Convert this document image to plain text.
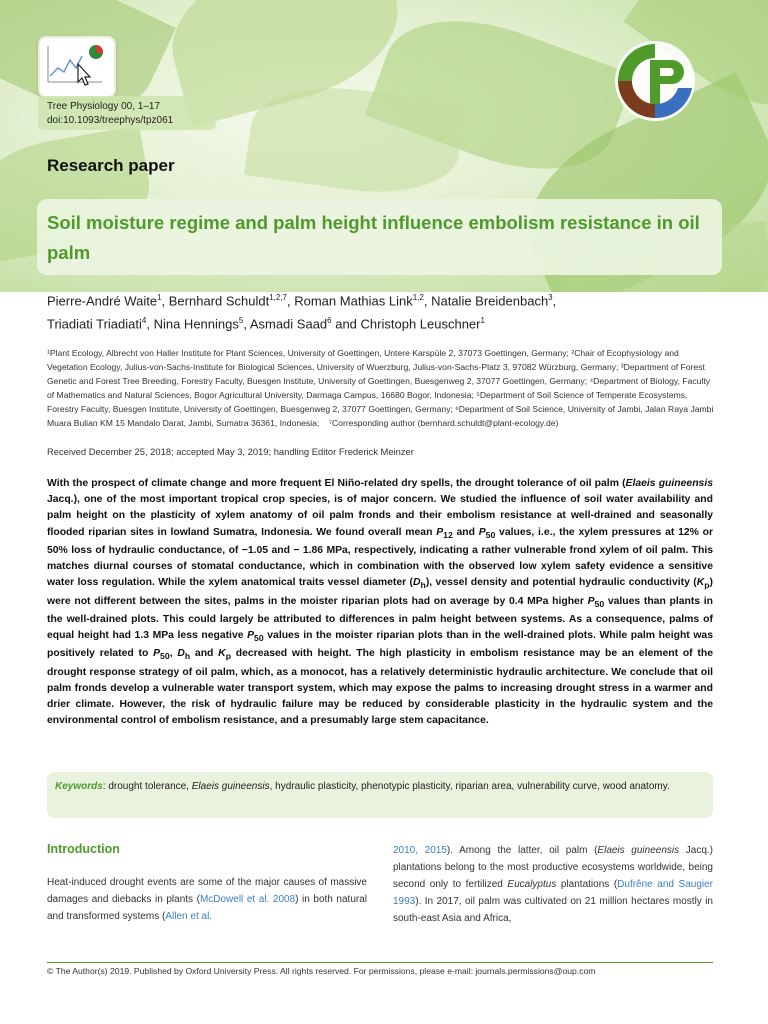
Tree Physiology 00, 1–17
doi:10.1093/treephys/tpz061
Research paper
Soil moisture regime and palm height influence embolism resistance in oil palm
Pierre-André Waite$^1$, Bernhard Schuldt$^{1,2,7}$, Roman Mathias Link$^{1,2}$, Natalie Breidenbach$^3$,
Triadiati Triadiati$^4$, Nina Hennings$^5$, Asmadi Saad$^6$ and Christoph Leuschner$^1$
¹Plant Ecology, Albrecht von Haller Institute for Plant Sciences, University of Goettingen, Untere Karspüle 2, 37073 Goettingen, Germany; ²Chair of Ecophysiology and Vegetation Ecology, Julius-von-Sachs-Institute for Biological Sciences, University of Wuerzburg, Julius-von-Sachs-Platz 3, 97082 Würzburg, Germany; ³Department of Forest Genetic and Forest Tree Breeding, Forestry Faculty, Buesgen Institute, University of Goettingen, Buesgenweg 2, 37077 Goettingen, Germany; ⁴Department of Biology, Faculty of Mathematics and Natural Sciences, Bogor Agricultural University, Darmaga Campus, 16680 Bogor, Indonesia; ⁵Department of Soil Science of Temperate Ecosystems, Forestry Faculty, Buesgen Institute, University of Goettingen, Buesgenweg 2, 37077 Goettingen, Germany; ⁶Department of Soil Science, University of Jambi, Jalan Raya Jambi Muara Bulian KM 15 Mandalo Darat, Jambi, Sumatra 36361, Indonesia; ⁷Corresponding author (bernhard.schuldt@plant-ecology.de)
Received December 25, 2018; accepted May 3, 2019; handling Editor Frederick Meinzer
With the prospect of climate change and more frequent El Niño-related dry spells, the drought tolerance of oil palm (Elaeis guineensis Jacq.), one of the most important tropical crop species, is of major concern. We studied the influence of soil water availability and palm height on the plasticity of xylem anatomy of oil palm fronds and their embolism resistance at well-drained and seasonally flooded riparian sites in lowland Sumatra, Indonesia. We found overall mean $P_{12}$ and $P_{50}$ values, i.e., the xylem pressures at 12% or 50% loss of hydraulic conductance, of −1.05 and − 1.86 MPa, respectively, indicating a rather vulnerable frond xylem of oil palm. This matches diurnal courses of stomatal conductance, which in combination with the observed low xylem safety evidence a sensitive water loss regulation. While the xylem anatomical traits vessel diameter $(D_h)$, vessel density and potential hydraulic conductivity $(K_p)$ were not different between the sites, palms in the moister riparian plots had on average by 0.4 MPa higher $P_{50}$ values than plants in the well-drained plots. This could largely be attributed to differences in palm height between systems. As a consequence, palms of equal height had 1.3 MPa less negative $P_{50}$ values in the moister riparian plots than in the well-drained plots. While palm height was positively related to $P_{50}$, $D_h$ and $K_p$ decreased with height. The high plasticity in embolism resistance may be an element of the drought response strategy of oil palm, which, as a monocot, has a relatively deterministic hydraulic architecture. We conclude that oil palm fronds develop a vulnerable water transport system, which may expose the palms to increasing drought stress in a warmer and drier climate. However, the risk of hydraulic failure may be reduced by considerable plasticity in the hydraulic system and the environmental control of embolism resistance, and a presumably large stem capacitance.
Keywords: drought tolerance, Elaeis guineensis, hydraulic plasticity, phenotypic plasticity, riparian area, vulnerability curve, wood anatomy.
Introduction
Heat-induced drought events are some of the major causes of massive damages and diebacks in plants (McDowell et al. 2008) in both natural and transformed systems (Allen et al.
2010, 2015). Among the latter, oil palm (Elaeis guineensis Jacq.) plantations belong to the most productive ecosystems worldwide, being second only to fertilized Eucalyptus plantations (Dufrêne and Saugier 1993). In 2017, oil palm was cultivated on 21 million hectares mostly in south-east Asia and Africa,
© The Author(s) 2019. Published by Oxford University Press. All rights reserved. For permissions, please e-mail: journals.permissions@oup.com
